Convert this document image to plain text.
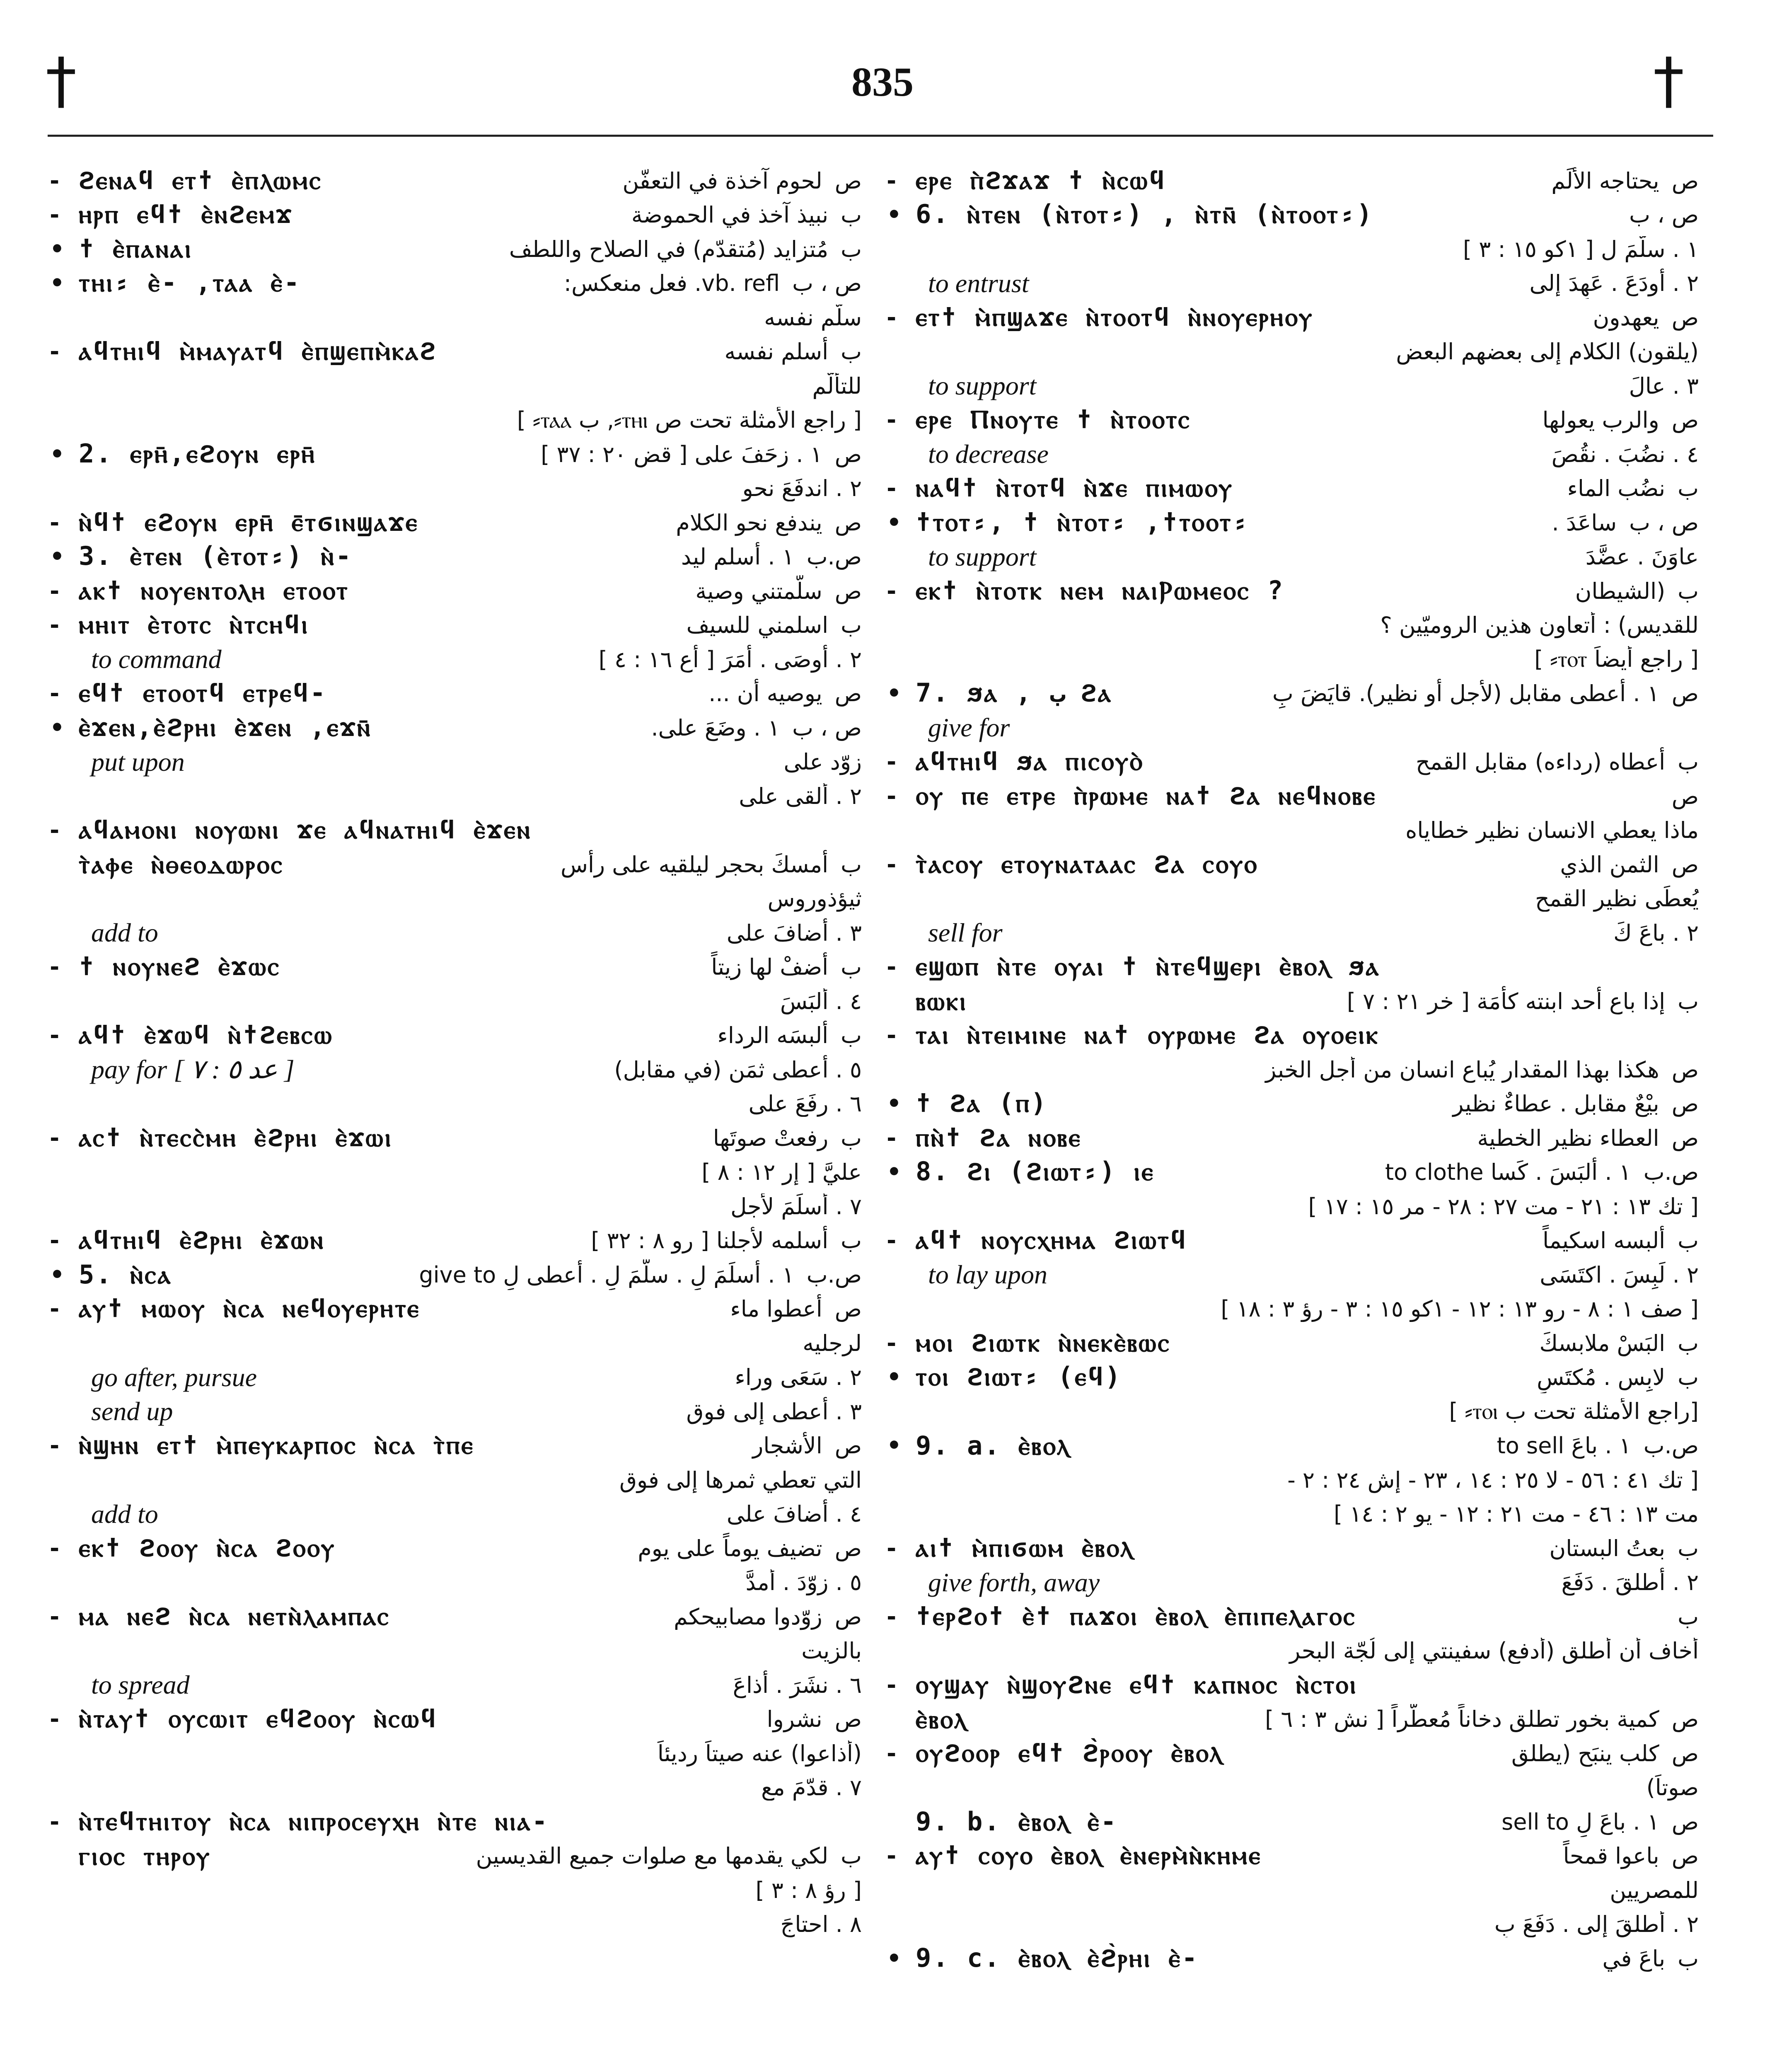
†	835	†
- ϩⲉⲛⲁϥ ⲉⲧϯ ⲉ̀ⲡⲗⲱⲙⲥ	لحوم آخذة في التعفّن ص
- ⲏⲣⲡ ⲉϥϯ ⲉ̀ⲛϩⲉⲙϫ	نبيذ آخذ في الحموضة ب
• ϯ ⲉ̀ⲡⲁⲛⲁⲓ	مُتزايد (مُتقدّم) في الصلاح واللطف ب
• ⲧⲏⲓ⸗ ⲉ̀- ,ⲧⲁⲁ ⲉ̀-	vb. refl. فعل منعكس: ص ، ب
سلّم نفسه
- ⲁϥⲧⲏⲓϥ ⲙ̀ⲙⲁⲩⲁⲧϥ ⲉ̀ⲡϣⲉⲡⲙ̀ⲕⲁϩ	أسلم نفسه ب
للتألّم
[ راجع الأمثلة تحت ص ⲧⲏⲓ⸗, ب ⲧⲁⲁ⸗ ]
• 2. ⲉⲣⲏ̄,ⲉϩⲟⲩⲛ ⲉⲣⲏ̄	١ . زحَفَ على [ قض ٢٠ : ٣٧ ] ص
٢ . اندفَعَ نحو
- ⲛ̀ϥϯ ⲉϩⲟⲩⲛ ⲉⲣⲏ̄ ⲉ̄ⲧϭⲓⲛϣⲁϫⲉ	يندفع نحو الكلام ص
• 3. ⲉ̀ⲧⲉⲛ (ⲉ̀ⲧⲟⲧ⸗) ⲛ̀-	١ . أسلم ليد ص.ب
- ⲁⲕϯ ⲛⲟⲩⲉⲛⲧⲟⲗⲏ ⲉⲧⲟⲟⲧ	سلّمتني وصية ص
- ⲙⲏⲓⲧ ⲉ̀ⲧⲟⲧⲥ ⲛ̀ⲧⲥⲏϥⲓ	اسلمني للسيف ب
to command	٢ . أوصَى . أمَرَ [ أع ١٦ : ٤ ]
- ⲉϥϯ ⲉⲧⲟⲟⲧϥ ⲉⲧⲣⲉϥ-	يوصيه أن ... ص
• ⲉ̀ϫⲉⲛ,ⲉ̀ϩⲣⲏⲓ ⲉ̀ϫⲉⲛ ,ⲉϫⲛ̄	١ . وضَعَ على. ص ، ب
put upon	زوّد على
٢ . ألقى على
- ⲁϥⲁⲙⲟⲛⲓ ⲛⲟⲩⲱⲛⲓ ϫⲉ ⲁϥⲛⲁⲧⲏⲓϥ ⲉ̀ϫⲉⲛ
ⲧ̀ⲁⲫⲉ ⲛ̀ⲑⲉⲟⲇⲱⲣⲟⲥ	أمسكَ بحجر ليلقيه على رأس ب
ثيؤذوروس
add to	٣ . أضافَ على
- ϯ ⲛⲟⲩⲛⲉϩ ⲉ̀ϫⲱⲥ	أضفْ لها زيتاً ب
٤ . ألبَسَ
- ⲁϥϯ ⲉ̀ϫⲱϥ ⲛ̀ϯϩⲉⲃⲥⲱ	ألبسَه الرداء ب
pay for [ عد ٥ : ٧ ]	٥ . أعطى ثمَن (في مقابل)
٦ . رفَعَ على
- ⲁⲥϯ ⲛ̀ⲧⲉⲥⲥ̀ⲙⲏ ⲉ̀ϩⲣⲏⲓ ⲉ̀ϫⲱⲓ	رفعتْ صوتَها ب
عليَّ [ إر ١٢ : ٨ ]
٧ . أسلَمَ لأجل
- ⲁϥⲧⲏⲓϥ ⲉ̀ϩⲣⲏⲓ ⲉ̀ϫⲱⲛ	أسلمه لأجلنا [ رو ٨ : ٣٢ ] ب
• 5. ⲛ̀ⲥⲁ	١ . أسلَمَ لِ . سلّمَ لِ . أعطى لِ give to ص.ب
- ⲁⲩϯ ⲙⲱⲟⲩ ⲛ̀ⲥⲁ ⲛⲉϥⲟⲩⲉⲣⲏⲧⲉ	أعطوا ماء ص
لرجليه
go after, pursue	٢ . سَعَى وراء
send up	٣ . أعطى إلى فوق
- ⲛ̀ϣⲏⲛ ⲉⲧϯ ⲙ̀ⲡⲉⲩⲕⲁⲣⲡⲟⲥ ⲛ̀ⲥⲁ ⲧ̀ⲡⲉ	الأشجار ص
التي تعطي ثمرها إلى فوق
add to	٤ . أضافَ على
- ⲉⲕϯ ϩⲟⲟⲩ ⲛ̀ⲥⲁ ϩⲟⲟⲩ	تضيف يوماً على يوم ص
٥ . زوّدَ . أمدَّ
- ⲙⲁ ⲛⲉϩ ⲛ̀ⲥⲁ ⲛⲉⲧⲛ̀ⲗⲁⲙⲡⲁⲥ	زوّدوا مصابيحكم ص
بالزيت
to spread	٦ . نشَرَ . أذاعَ
- ⲛ̀ⲧⲁⲩϯ ⲟⲩⲥⲱⲓⲧ ⲉϥϩⲟⲟⲩ ⲛ̀ⲥⲱϥ	نشروا ص
(أذاعوا) عنه صيتاً رديئاً
٧ . قدّمَ مع
- ⲛ̀ⲧⲉϥⲧⲏⲓⲧⲟⲩ ⲛ̀ⲥⲁ ⲛⲓⲡⲣⲟⲥⲉⲩⲭⲏ ⲛ̀ⲧⲉ ⲛⲓⲁ-
ⲅⲓⲟⲥ ⲧⲏⲣⲟⲩ	لكي يقدمها مع صلوات جميع القديسين ب
[ رؤ ٨ : ٣ ]
٨ . احتاجَ
- ⲉⲣⲉ ⲡ̀ϩϫⲁϫ ϯ ⲛ̀ⲥⲱϥ	يحتاجه الألَم ص
• 6. ⲛ̀ⲧⲉⲛ (ⲛ̀ⲧⲟⲧ⸗) , ⲛ̀ⲧⲛ̄ (ⲛ̀ⲧⲟⲟⲧ⸗)	ص ، ب
١ . سلّمَ لِ [ ١كو ١٥ : ٣ ]
to entrust	٢ . أودَعَ . عَهِدَ إلى
- ⲉⲧϯ ⲙ̀ⲡϣⲁϫⲉ ⲛ̀ⲧⲟⲟⲧϥ ⲛ̀ⲛⲟⲩⲉⲣⲏⲟⲩ	يعهدون ص
(يلقون) الكلام إلى بعضهم البعض
to support	٣ . عالَ
- ⲉⲣⲉ Ⲡⲛⲟⲩⲧⲉ ϯ ⲛ̀ⲧⲟⲟⲧⲥ	والرب يعولها ص
to decrease	٤ . نضُبَ . نقُصَ
- ⲛⲁϥϯ ⲛ̀ⲧⲟⲧϥ ⲛ̀ϫⲉ ⲡⲓⲙⲱⲟⲩ	نضُب الماء ب
• ϯⲧⲟⲧ⸗, ϯ ⲛ̀ⲧⲟⲧ⸗ ,ϯⲧⲟⲟⲧ⸗	ساعَدَ . ص ، ب
to support	عاوَنَ . عضَّدَ
- ⲉⲕϯ ⲛ̀ⲧⲟⲧⲕ ⲛⲉⲙ ⲛⲁⲓⲢⲱⲙⲉⲟⲥ ?	(الشيطان ب
للقديس) : أتعاون هذين الروميّين ؟
[ راجع أيضاً ⲧⲟⲧ⸗ ]
• 7. ϧⲁ , ب ϩⲁ	١ . أعطى مقابل (لأجل أو نظير). قايَضَ بِ ص
give for
- ⲁϥⲧⲏⲓϥ ϧⲁ ⲡⲓⲥⲟⲩⲟ̀	أعطاه (رداءه) مقابل القمح ب
- ⲟⲩ ⲡⲉ ⲉⲧⲣⲉ ⲡ̀ⲣⲱⲙⲉ ⲛⲁϯ ϩⲁ ⲛⲉϥⲛⲟⲃⲉ	ص
ماذا يعطي الانسان نظير خطاياه
- ⲧ̀ⲁⲥⲟⲩ ⲉⲧⲟⲩⲛⲁⲧⲁⲁⲥ ϩⲁ ⲥⲟⲩⲟ	الثمن الذي ص
يُعطَى نظير القمح
sell for	٢ . باعَ كَ
- ⲉϣⲱⲡ ⲛ̀ⲧⲉ ⲟⲩⲁⲓ ϯ ⲛ̀ⲧⲉϥϣⲉⲣⲓ ⲉ̀ⲃⲟⲗ ϧⲁ
ⲃⲱⲕⲓ	إذا باع أحد ابنته كأمَة [ خر ٢١ : ٧ ] ب
- ⲧⲁⲓ ⲛ̀ⲧⲉⲓⲙⲓⲛⲉ ⲛⲁϯ ⲟⲩⲣⲱⲙⲉ ϩⲁ ⲟⲩⲟⲉⲓⲕ
هكذا بهذا المقدار يُباع انسان من أجل الخبز ص
• ϯ ϩⲁ (ⲡ)	بيْعٌ مقابل . عطاءٌ نظير ص
- ⲡⲛ̀ϯ ϩⲁ ⲛⲟⲃⲉ	العطاء نظير الخطية ص
• 8. ϩⲓ (ϩⲓⲱⲧ⸗) ⲓⲉ	١ . ألبَسَ . كَسا to clothe ص.ب
[ تك ١٣ : ٢١ - مت ٢٧ : ٢٨ - مر ١٥ : ١٧ ]
- ⲁϥϯ ⲛⲟⲩⲥⲭⲏⲙⲁ ϩⲓⲱⲧϥ	ألبسه اسكيماً ب
to lay upon	٢ . لَبِسَ . اكتَسَى
[ صف ١ : ٨ - رو ١٣ : ١٢ - ١كو ١٥ : ٣ - رؤ ٣ : ١٨ ]
- ⲙⲟⲓ ϩⲓⲱⲧⲕ ⲛ̀ⲛⲉⲕⲉ̀ⲃⲱⲥ	البَسْ ملابسكَ ب
• ⲧⲟⲓ ϩⲓⲱⲧ⸗ (ⲉϥ)	لابِس . مُكتَسٍ ب
[راجع الأمثلة تحت ب ⲧⲟⲓ⸗ ]
• 9. a. ⲉ̀ⲃⲟⲗ	١ . باعَ to sell ص.ب
[ تك ٤١ : ٥٦ - لا ٢٥ : ١٤ ، ٢٣ - إش ٢٤ : ٢ -
مت ١٣ : ٤٦ - مت ٢١ : ١٢ - يو ٢ : ١٤ ]
- ⲁⲓϯ ⲙ̀ⲡⲓϭⲱⲙ ⲉ̀ⲃⲟⲗ	بعتُ البستان ب
give forth, away	٢ . أطلقَ . دَفَعَ
- ϯⲉⲣϩⲟϯ ⲉ̀ϯ ⲡⲁϫⲟⲓ ⲉ̀ⲃⲟⲗ ⲉ̀ⲡⲓⲡⲉⲗⲁⲅⲟⲥ	ب
أخاف أن أطلق (أدفع) سفينتي إلى لُجّة البحر
- ⲟⲩϣⲁⲩ ⲛ̀ϣⲟⲩϩⲛⲉ ⲉϥϯ ⲕⲁⲡⲛⲟⲥ ⲛ̀ⲥⲧⲟⲓ
ⲉ̀ⲃⲟⲗ	كمية بخور تطلق دخاناً مُعطّراً [ نش ٣ : ٦ ] ص
- ⲟⲩϩⲟⲟⲣ ⲉϥϯ ϩ̀ⲣⲟⲟⲩ ⲉ̀ⲃⲟⲗ	كلب ينبَح (يطلق ص
صوتاً)
9. b. ⲉ̀ⲃⲟⲗ ⲉ̀-	١ . باعَ لِ sell to ص
- ⲁⲩϯ ⲥⲟⲩⲟ ⲉ̀ⲃⲟⲗ ⲉ̀ⲛⲉⲣⲙ̀ⲛ̀ⲕⲏⲙⲉ	باعوا قمحاً ص
للمصريين
٢ . أطلقَ إلى . دَفَعَ بِ
• 9. c. ⲉ̀ⲃⲟⲗ ⲉ̀ϩ̀ⲣⲏⲓ ⲉ̀-	باعَ في ب
